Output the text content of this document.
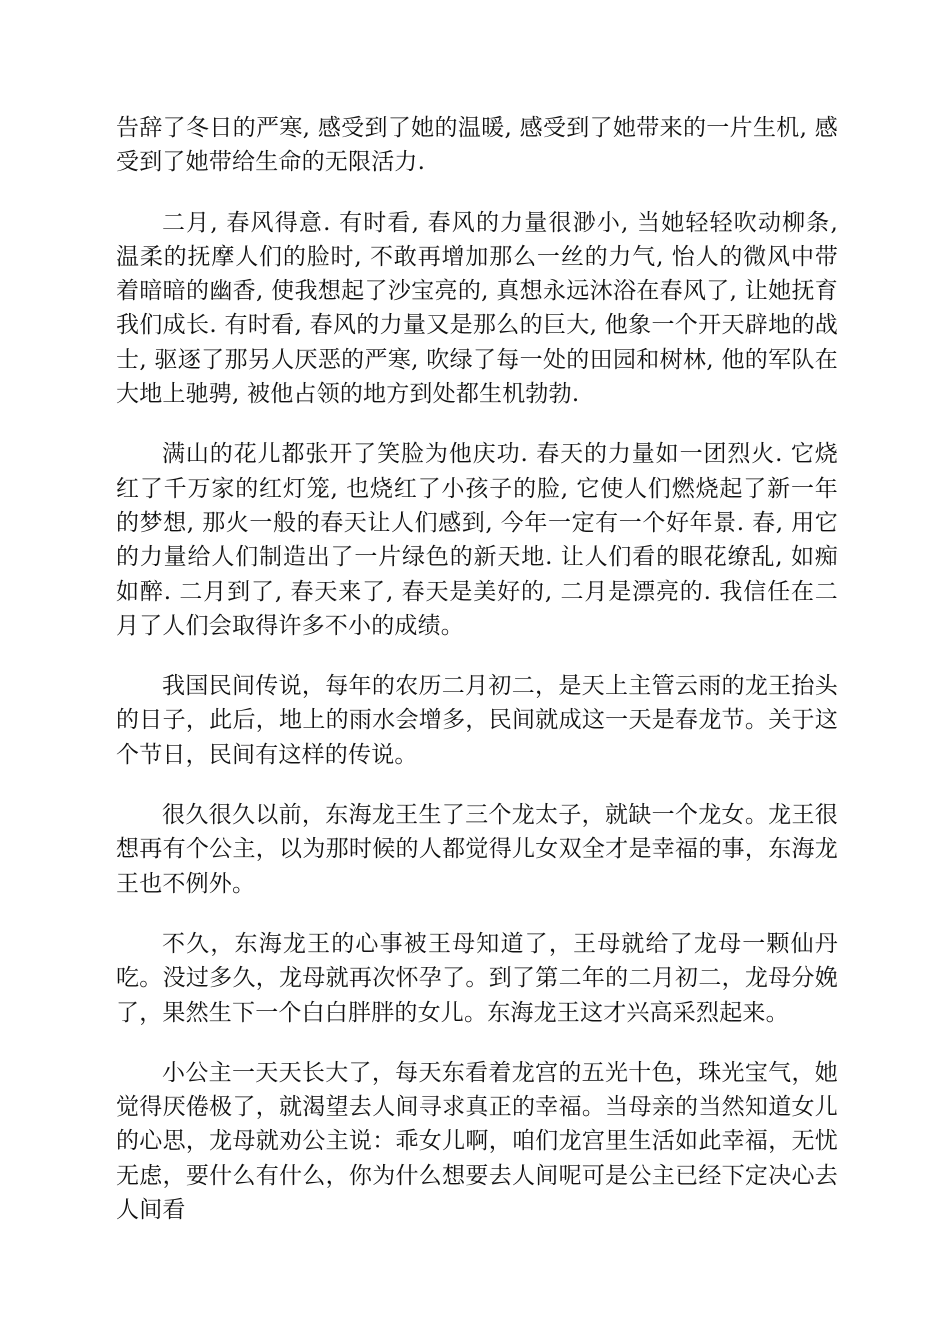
告辞了冬日的严寒, 感受到了她的温暖, 感受到了她带来的一片生机, 感受到了她带给生命的无限活力.

二月, 春风得意. 有时看, 春风的力量很渺小, 当她轻轻吹动柳条, 温柔的抚摩人们的脸时, 不敢再增加那么一丝的力气, 怡人的微风中带着暗暗的幽香, 使我想起了沙宝亮的, 真想永远沐浴在春风了, 让她抚育我们成长. 有时看, 春风的力量又是那么的巨大, 他象一个开天辟地的战士, 驱逐了那另人厌恶的严寒, 吹绿了每一处的田园和树林, 他的军队在大地上驰骋, 被他占领的地方到处都生机勃勃.

满山的花儿都张开了笑脸为他庆功. 春天的力量如一团烈火. 它烧红了千万家的红灯笼, 也烧红了小孩子的脸, 它使人们燃烧起了新一年的梦想, 那火一般的春天让人们感到, 今年一定有一个好年景. 春, 用它的力量给人们制造出了一片绿色的新天地. 让人们看的眼花缭乱, 如痴如醉. 二月到了, 春天来了, 春天是美好的, 二月是漂亮的. 我信任在二月了人们会取得许多不小的成绩。

我国民间传说，每年的农历二月初二，是天上主管云雨的龙王抬头的日子，此后，地上的雨水会增多，民间就成这一天是春龙节。关于这个节日，民间有这样的传说。

很久很久以前，东海龙王生了三个龙太子，就缺一个龙女。龙王很想再有个公主，以为那时候的人都觉得儿女双全才是幸福的事，东海龙王也不例外。

不久，东海龙王的心事被王母知道了，王母就给了龙母一颗仙丹吃。没过多久，龙母就再次怀孕了。到了第二年的二月初二，龙母分娩了，果然生下一个白白胖胖的女儿。东海龙王这才兴高采烈起来。

小公主一天天长大了，每天东看着龙宫的五光十色，珠光宝气，她觉得厌倦极了，就渴望去人间寻求真正的幸福。当母亲的当然知道女儿的心思，龙母就劝公主说：乖女儿啊，咱们龙宫里生活如此幸福，无忧无虑，要什么有什么，你为什么想要去人间呢可是公主已经下定决心去人间看
